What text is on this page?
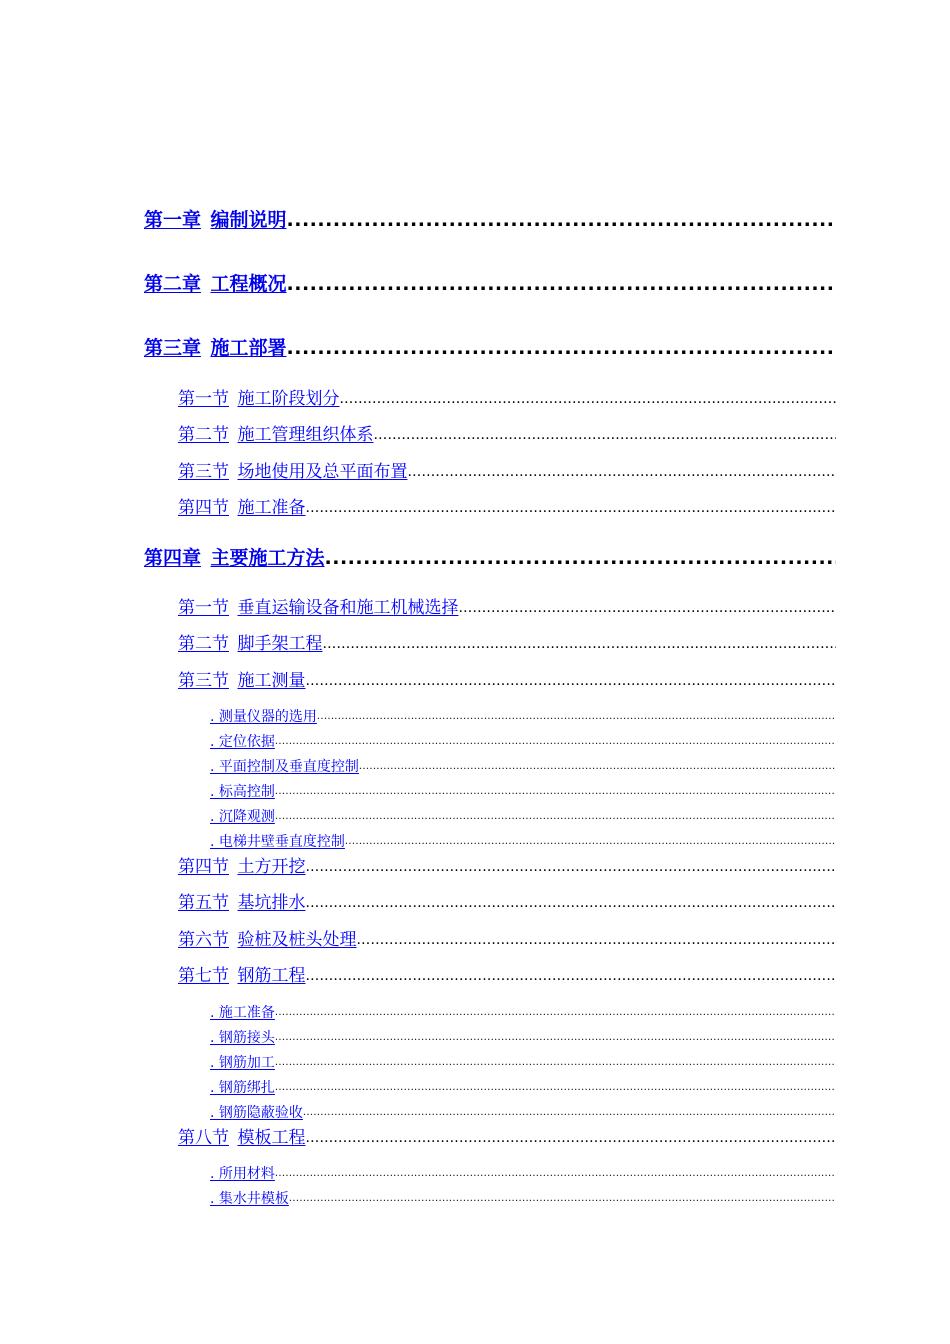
第一章 编制说明
.....
第二章 工程概况
.....
第三章 施工部署
.....
第一节 施工阶段划分
.....
第二节 施工管理组织体系
.....
第三节 场地使用及总平面布置
.....
第四节 施工准备
.....
第四章 主要施工方法
.....
第一节 垂直运输设备和施工机械选择
.....
第二节 脚手架工程
.....
第三节 施工测量
.....
. 测量仪器的选用
.....
. 定位依据
.....
. 平面控制及垂直度控制
.....
. 标高控制
.....
. 沉降观测
.....
. 电梯井壁垂直度控制
.....
第四节 土方开挖
.....
第五节 基坑排水
.....
第六节 验桩及桩头处理
.....
第七节 钢筋工程
.....
. 施工准备
.....
. 钢筋接头
.....
. 钢筋加工
.....
. 钢筋绑扎
.....
. 钢筋隐蔽验收
.....
第八节 模板工程
.....
. 所用材料
.....
. 集水井模板
.....
